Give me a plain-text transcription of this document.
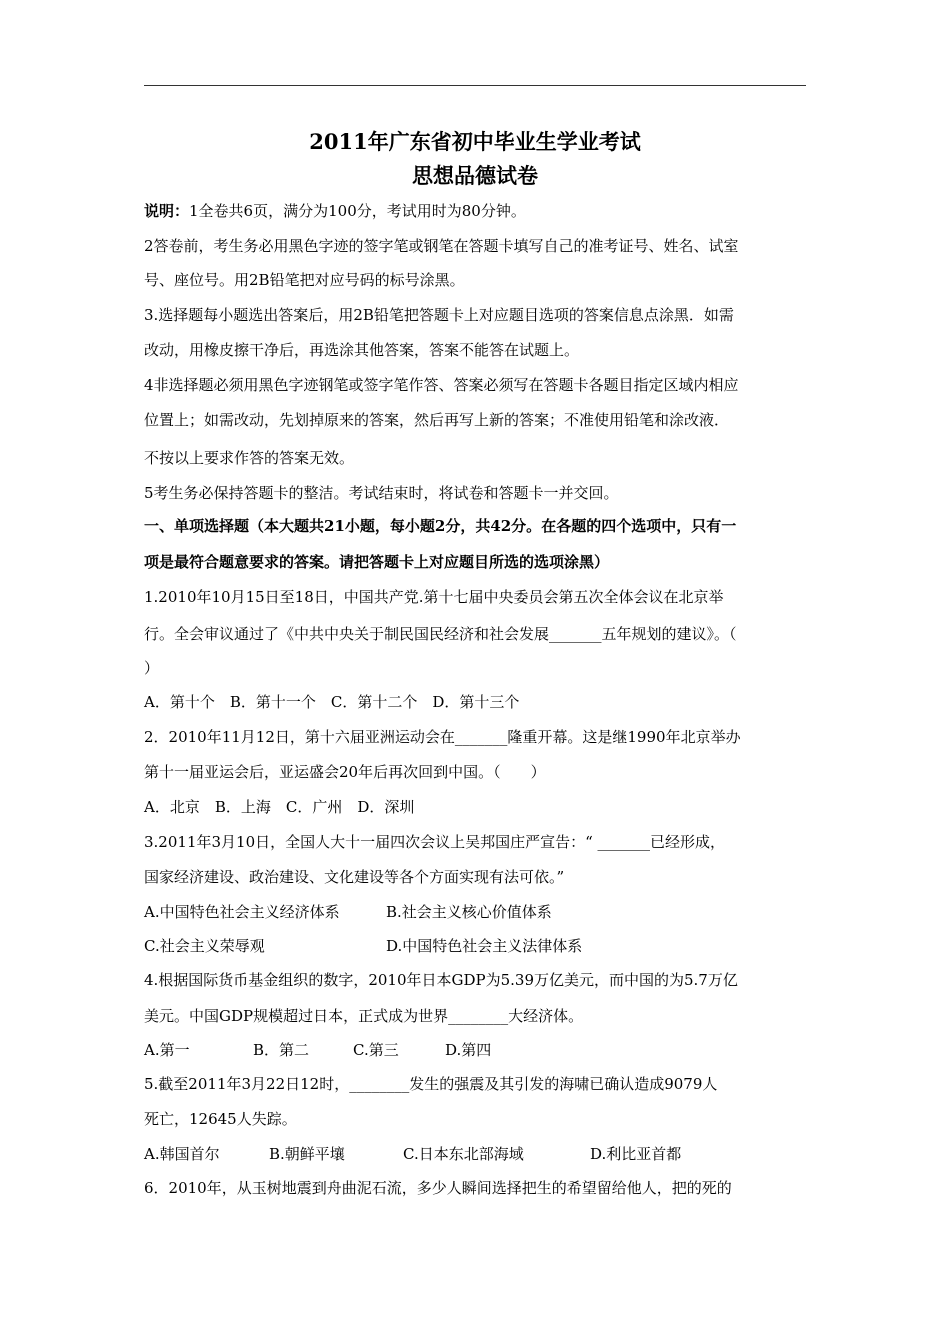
2011年广东省初中毕业生学业考试
思想品德试卷
说明：1全卷共6页，满分为100分，考试用时为80分钟。
2答卷前，考生务必用黑色字迹的签字笔或钢笔在答题卡填写自己的准考证号、姓名、试室
号、座位号。用2B铅笔把对应号码的标号涂黑。
3.选择题每小题选出答案后，用2B铅笔把答题卡上对应题目选项的答案信息点涂黑．如需
改动，用橡皮擦干净后，再选涂其他答案，答案不能答在试题上。
4非选择题必须用黑色字迹钢笔或签字笔作答、答案必须写在答题卡各题目指定区域内相应
位置上；如需改动，先划掉原来的答案，然后再写上新的答案；不准使用铅笔和涂改液．
不按以上要求作答的答案无效。
5考生务必保持答题卡的整洁。考试结束时，将试卷和答题卡一并交回。
一、单项选择题（本大题共21小题，每小题2分，共42分。在各题的四个选项中，只有一
项是最符合题意要求的答案。请把答题卡上对应题目所选的选项涂黑）
1.2010年10月15日至18日，中国共产党.第十七届中央委员会第五次全体会议在北京举
行。全会审议通过了《中共中央关于制民国民经济和社会发展_______五年规划的建议》。（
）
A．第十个　B．第十一个　C．第十二个　D．第十三个
2．2010年11月12日，第十六届亚洲运动会在_______隆重开幕。这是继1990年北京举办
第十一届亚运会后，亚运盛会20年后再次回到中国。（　　）
A．北京　B．上海　C．广州　D．深圳
3.2011年3月10日，全国人大十一届四次会议上吴邦国庄严宣告：“ _______已经形成，
国家经济建设、政治建设、文化建设等各个方面实现有法可依。”
A.中国特色社会主义经济体系	B.社会主义核心价值体系
C.社会主义荣辱观	D.中国特色社会主义法律体系
4.根据国际货币基金组织的数字，2010年日本GDP为5.39万亿美元，而中国的为5.7万亿
美元。中国GDP规模超过日本，正式成为世界________大经济体。
A.第一	B．第二	C.第三	D.第四
5.截至2011年3月22日12时，________发生的强震及其引发的海啸已确认造成9079人
死亡，12645人失踪。
A.韩国首尔	B.朝鲜平壤	C.日本东北部海域	D.利比亚首都
6．2010年，从玉树地震到舟曲泥石流，多少人瞬间选择把生的希望留给他人，把的死的
